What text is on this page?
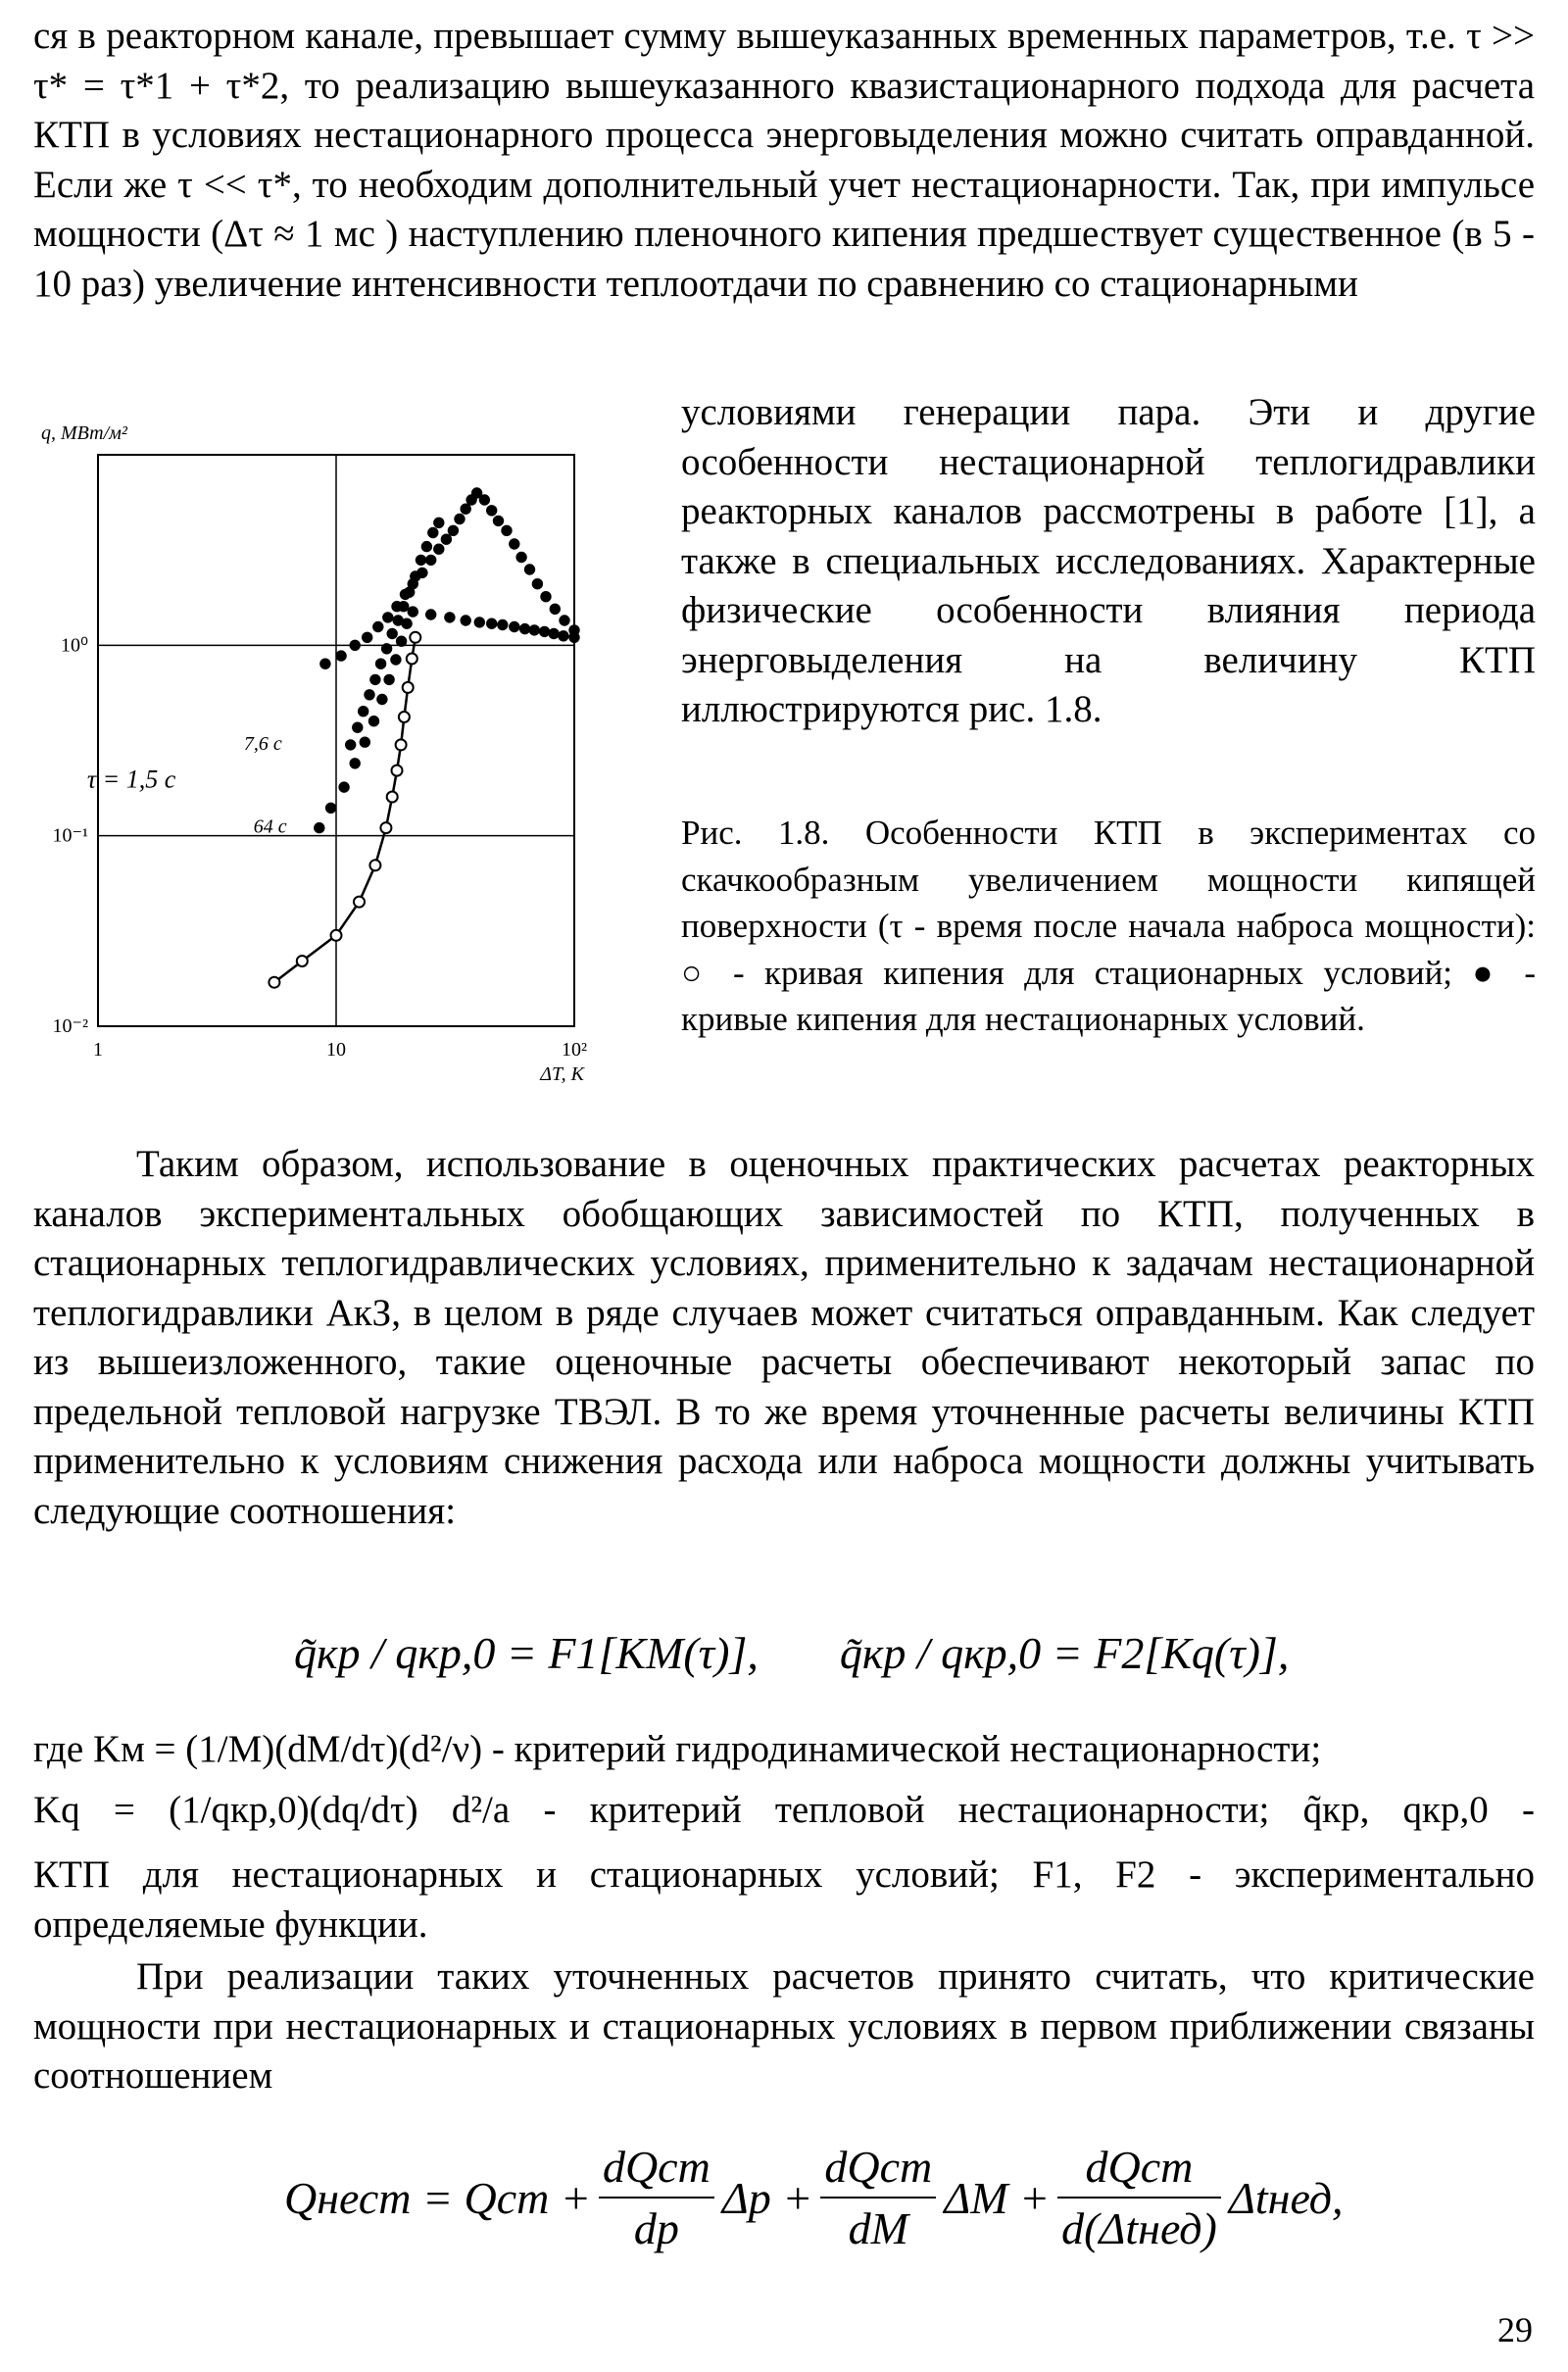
ся в реакторном канале, превышает сумму вышеуказанных временных параметров, т.е. τ >> τ* = τ*1 + τ*2, то реализацию вышеуказанного квазистационарного подхода для расчета КТП в условиях нестационарного процесса энерговыделения можно считать оправданной. Если же τ << τ*, то необходим дополнительный учет нестационарности. Так, при импульсе мощности (Δτ ≈ 1 мс ) наступлению пленочного кипения предшествует существенное (в 5 - 10 раз) увеличение интенсивности теплоотдачи по сравнению со стационарными

1	10	10²
10⁰
10⁻¹
10⁻²
q, МВт/м²
ΔT, K
τ = 1,5 c
7,6 c
64 c

условиями генерации пара. Эти и другие особенности нестационарной теплогидравлики реакторных каналов рассмотрены в работе [1], а также в специальных исследованиях. Характерные физические особенности влияния периода энерговыделения на величину КТП иллюстрируются рис. 1.8.

Рис. 1.8. Особенности КТП в экспериментах со скачкообразным увеличением мощности кипящей поверхности (τ - время после начала наброса мощности): ○ - кривая кипения для стационарных условий; ● - кривые кипения для нестационарных условий.

Таким образом, использование в оценочных практических расчетах реакторных каналов экспериментальных обобщающих зависимостей по КТП, полученных в стационарных теплогидравлических условиях, применительно к задачам нестационарной теплогидравлики АкЗ, в целом в ряде случаев может считаться оправданным. Как следует из вышеизложенного, такие оценочные расчеты обеспечивают некоторый запас по предельной тепловой нагрузке ТВЭЛ. В то же время уточненные расчеты величины КТП применительно к условиям снижения расхода или наброса мощности должны учитывать следующие соотношения:

q̃кр / qкр,0 = F1[KM(τ)], q̃кр / qкр,0 = F2[Kq(τ)],

где Kм = (1/M)(dM/dτ)(d²/ν) - критерий гидродинамической нестационарности;

Kq = (1/qкр,0)(dq/dτ) d²/a - критерий тепловой нестационарности; q̃кр, qкр,0 -

КТП для нестационарных и стационарных условий; F1, F2 - экспериментально определяемые функции.

При реализации таких уточненных расчетов принято считать, что критические мощности при нестационарных и стационарных условиях в первом приближении связаны соотношением

Qнест = Qст + $\frac{\text{dQст}}{dp}$ $\Delta p + \frac{\text{dQст}}{dM}$ $\Delta M + \frac{\text{dQст}}{\text{d(Δtнед)}}$ Δtнед,
29
